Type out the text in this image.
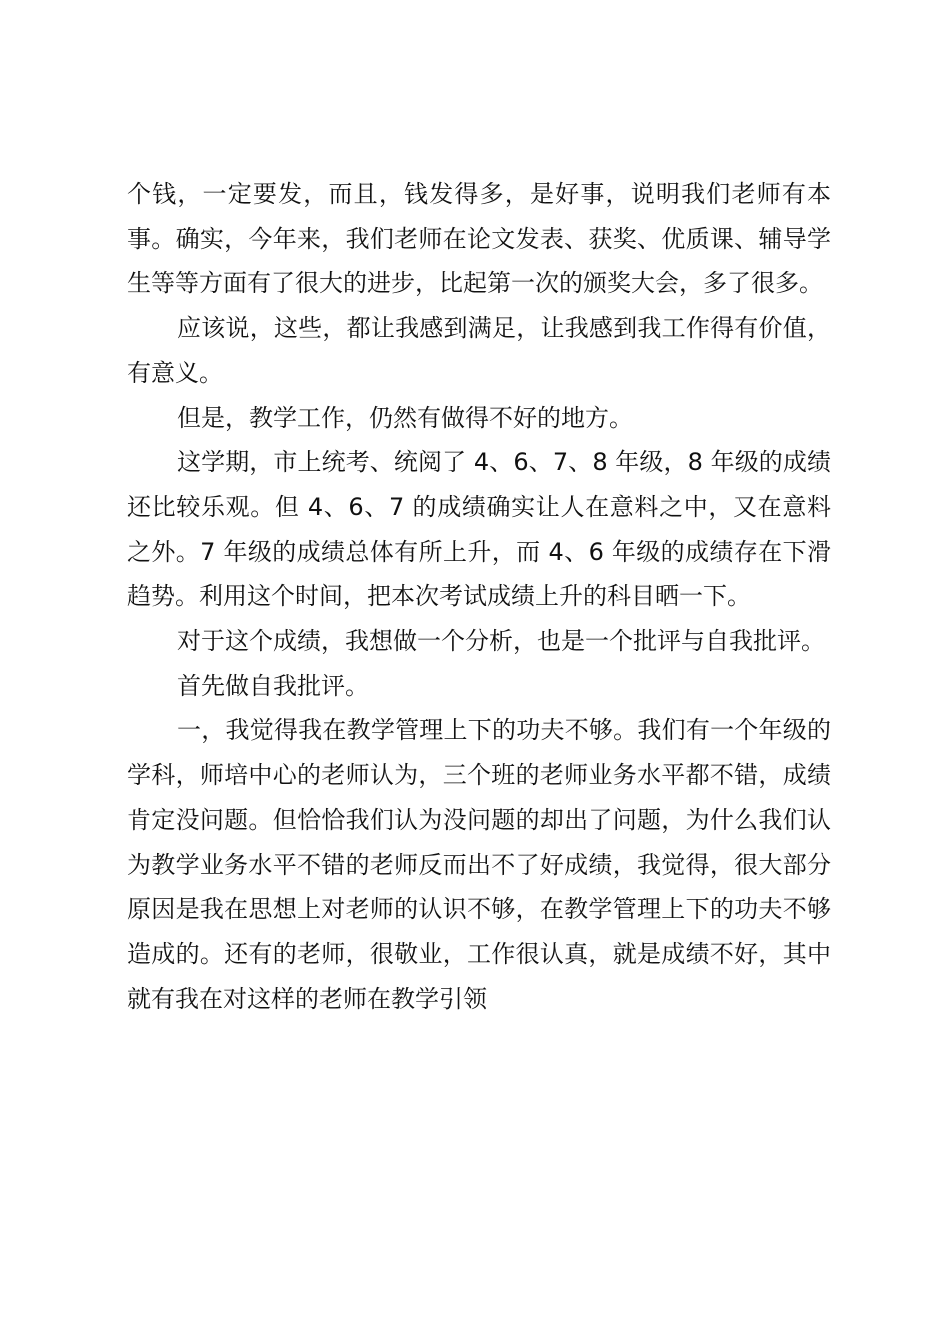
个钱，一定要发，而且，钱发得多，是好事，说明我们老师有本事。确实，今年来，我们老师在论文发表、获奖、优质课、辅导学生等等方面有了很大的进步，比起第一次的颁奖大会，多了很多。

应该说，这些，都让我感到满足，让我感到我工作得有价值，有意义。

但是，教学工作，仍然有做得不好的地方。

这学期，市上统考、统阅了 4、6、7、8 年级，8 年级的成绩还比较乐观。但 4、6、7 的成绩确实让人在意料之中，又在意料之外。7 年级的成绩总体有所上升，而 4、6 年级的成绩存在下滑趋势。利用这个时间，把本次考试成绩上升的科目晒一下。

对于这个成绩，我想做一个分析，也是一个批评与自我批评。

首先做自我批评。

一，我觉得我在教学管理上下的功夫不够。我们有一个年级的学科，师培中心的老师认为，三个班的老师业务水平都不错，成绩肯定没问题。但恰恰我们认为没问题的却出了问题，为什么我们认为教学业务水平不错的老师反而出不了好成绩，我觉得，很大部分原因是我在思想上对老师的认识不够，在教学管理上下的功夫不够造成的。还有的老师，很敬业，工作很认真，就是成绩不好，其中就有我在对这样的老师在教学引领
